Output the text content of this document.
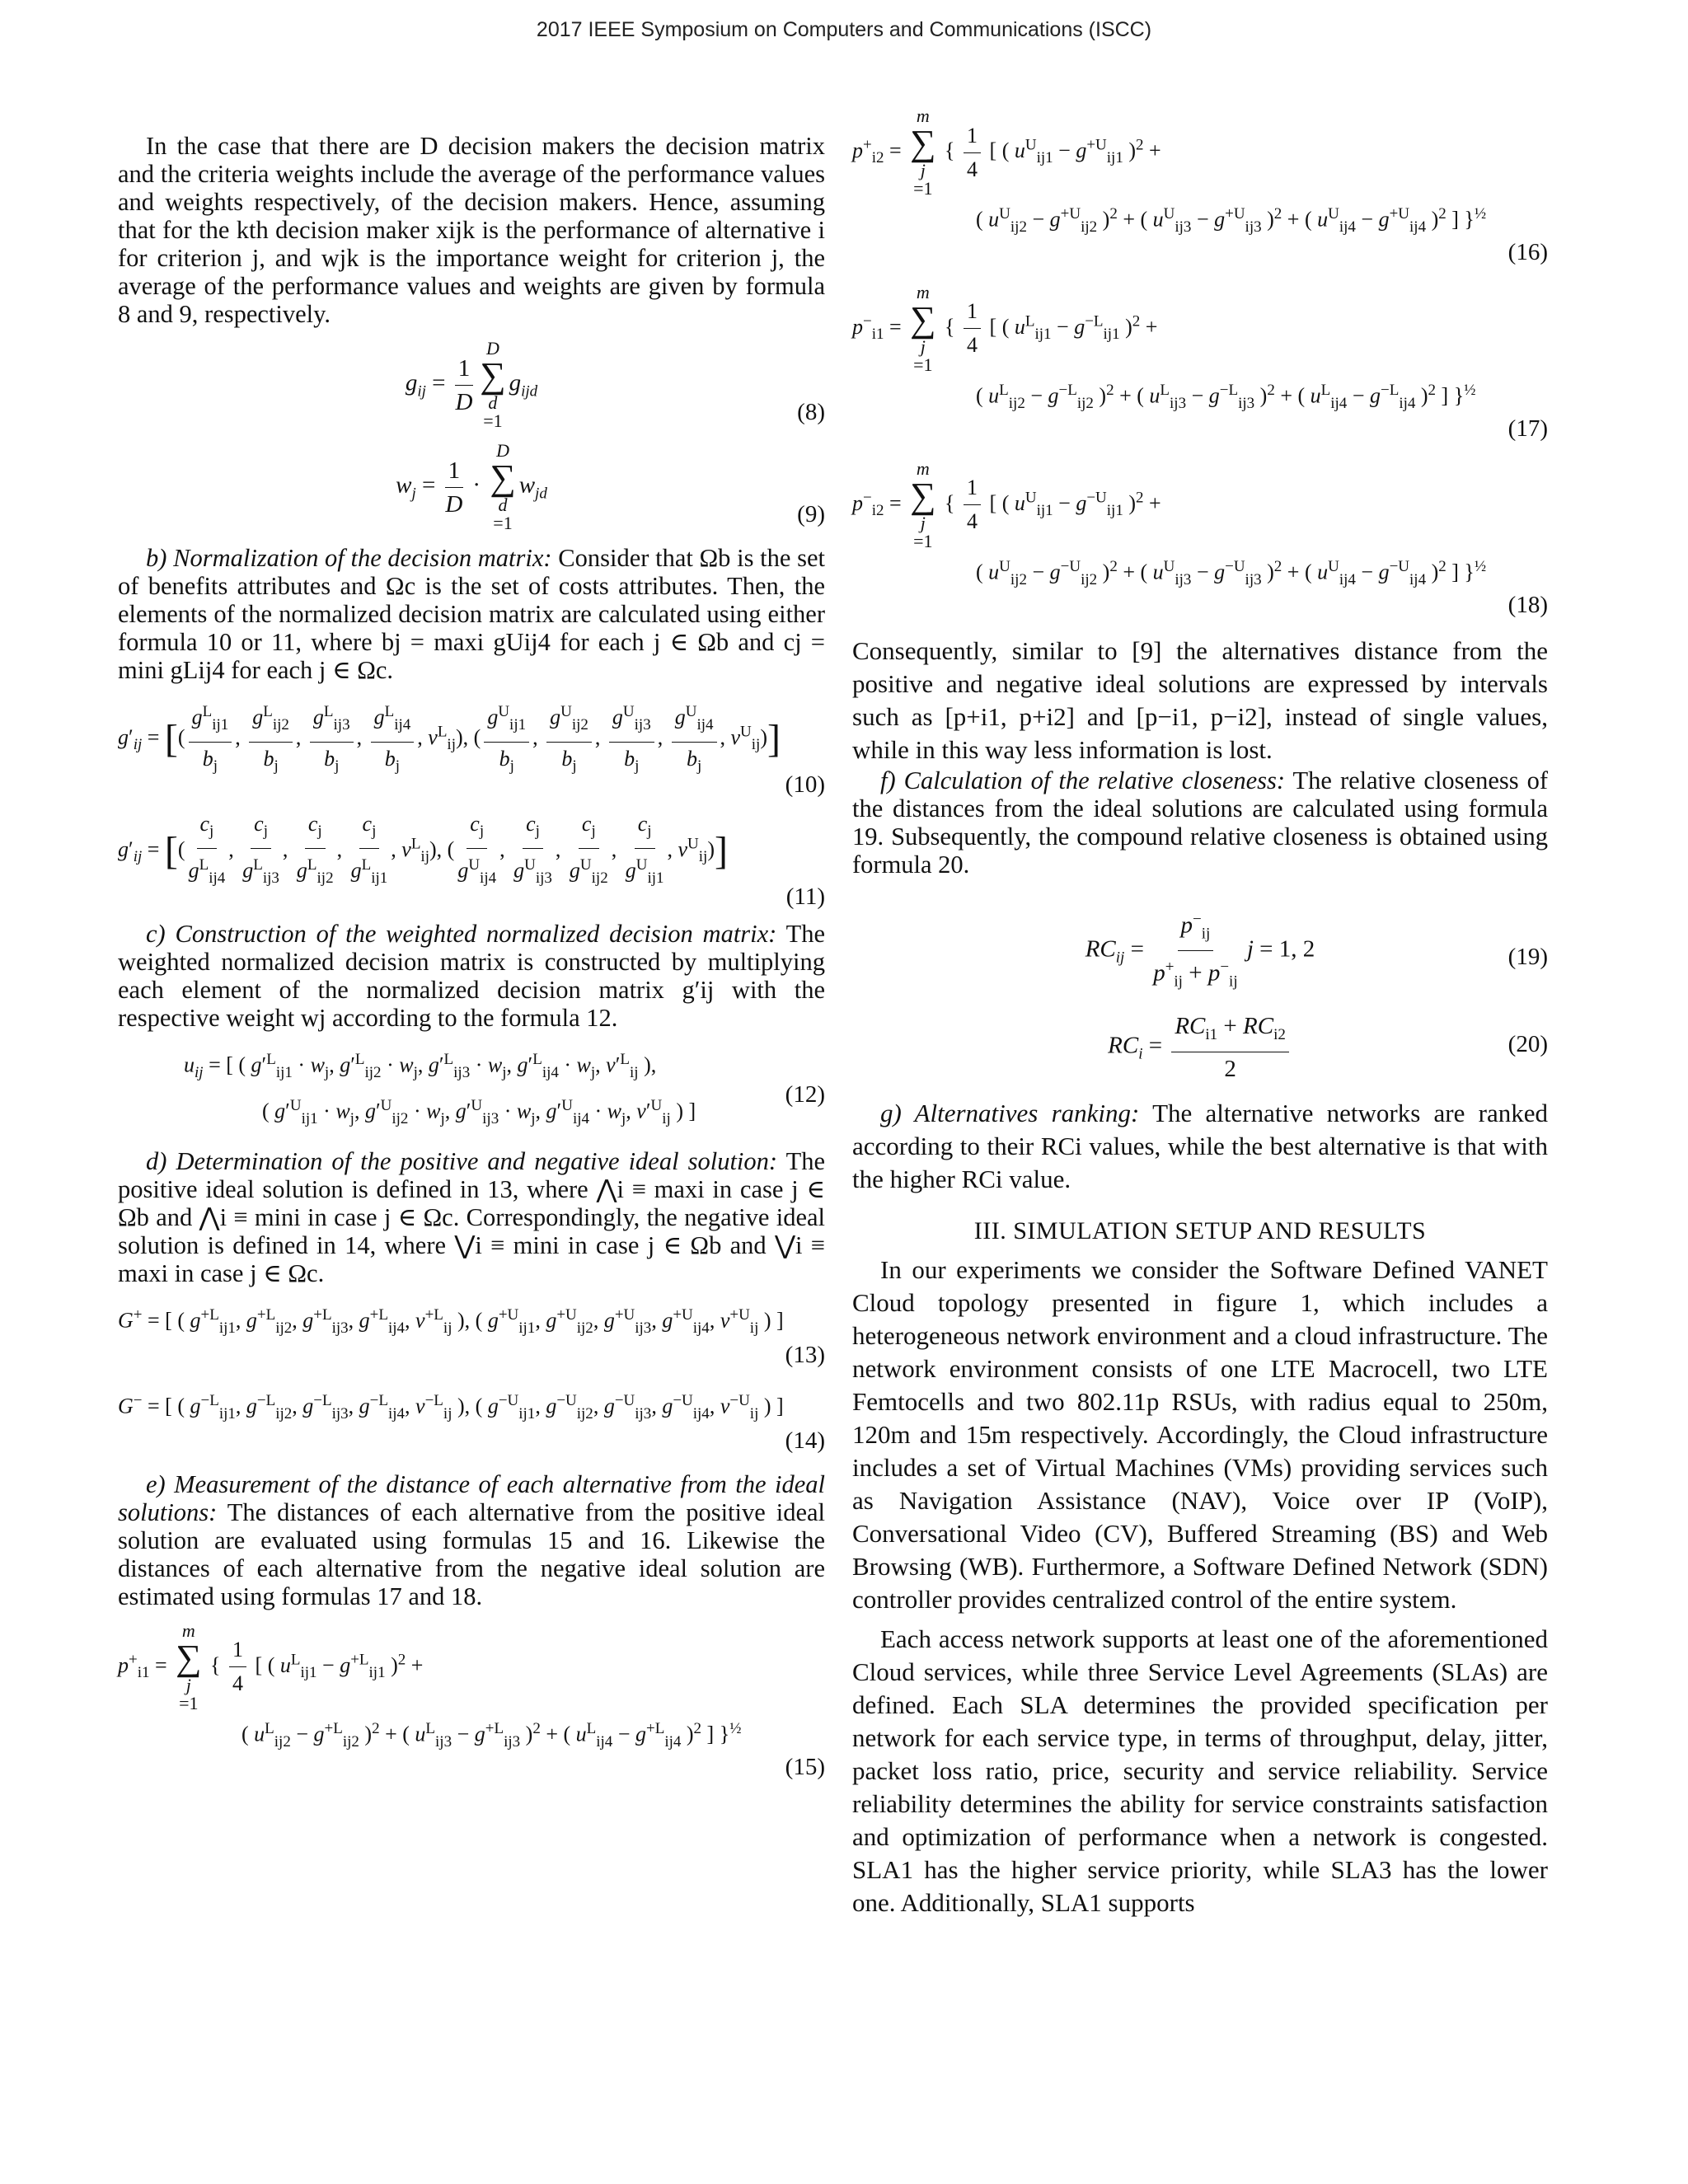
2017 IEEE Symposium on Computers and Communications (ISCC)

In the case that there are D decision makers the decision matrix and the criteria weights include the average of the performance values and weights respectively, of the decision makers. Hence, assuming that for the kth decision maker xijk is the performance of alternative i for criterion j, and wjk is the importance weight for criterion j, the average of the performance values and weights are given by formula 8 and 9, respectively.

$g_{ij} = \frac{1}{D}$
D
∑
d
$=1g_{ijd}$
(8)
$w_j = \frac{1}{D}$ ·
D
∑
d
$=1w_{jd}$
(9)

b) Normalization of the decision matrix: Consider that Ωb is the set of benefits attributes and Ωc is the set of costs attributes. Then, the elements of the normalized decision matrix are calculated using either formula 10 or 11, where bj = maxi gUij4 for each j ∈ Ωb and cj = mini gLij4 for each j ∈ Ωc.

$g'_{ij}$ = [( $\frac{g^L_{ij1}}{b_j}$ , $\frac{g^L_{ij2}}{b_j}$ , $\frac{g^L_{ij3}}{b_j}$ , $\frac{g^L_{ij4}}{b_j}$ , $v^L_{ij}$), ( $\frac{g^U_{ij1}}{b_j}$ , $\frac{g^U_{ij2}}{b_j}$ , $\frac{g^U_{ij3}}{b_j}$ , $\frac{g^U_{ij4}}{b_j}$ , $v^U_{ij}$)]
(10)
$g'_{ij}$ = [( $\frac{c_j}{g^L_{ij4}}$ , $\frac{c_j}{g^L_{ij3}}$ , $\frac{c_j}{g^L_{ij2}}$ , $\frac{c_j}{g^L_{ij1}}$ , $v^L_{ij}$), ( $\frac{c_j}{g^U_{ij4}}$ , $\frac{c_j}{g^U_{ij3}}$ , $\frac{c_j}{g^U_{ij2}}$ , $\frac{c_j}{g^U_{ij1}}$ , $v^U_{ij}$)]
(11)

c) Construction of the weighted normalized decision matrix: The weighted normalized decision matrix is constructed by multiplying each element of the normalized decision matrix g′ij with the respective weight wj according to the formula 12.

$u_{ij}$ = [ ( $g'^L_{ij1} \cdot w_j$, $g'^L_{ij2} \cdot w_j$, $g'^L_{ij3} \cdot w_j$, $g'^L_{ij4} \cdot w_j$, $v'^L_{ij}$ ),
( $g'^U_{ij1} \cdot w_j$, $g'^U_{ij2} \cdot w_j$, $g'^U_{ij3} \cdot w_j$, $g'^U_{ij4} \cdot w_j$, $v'^U_{ij}$ ) ]
(12)

d) Determination of the positive and negative ideal solution: The positive ideal solution is defined in 13, where ⋀i ≡ maxi in case j ∈ Ωb and ⋀i ≡ mini in case j ∈ Ωc. Correspondingly, the negative ideal solution is defined in 14, where ⋁i ≡ mini in case j ∈ Ωb and ⋁i ≡ maxi in case j ∈ Ωc.

G+ = [ ( $g^{+L}_{ij1}$, $g^{+L}_{ij2}$, $g^{+L}_{ij3}$, $g^{+L}_{ij4}$, $v^{+L}_{ij}$ ), ( $g^{+U}_{ij1}$, $g^{+U}_{ij2}$, $g^{+U}_{ij3}$, $g^{+U}_{ij4}$, $v^{+U}_{ij}$ ) ]
(13)
G− = [ ( $g^{-L}_{ij1}$, $g^{-L}_{ij2}$, $g^{-L}_{ij3}$, $g^{-L}_{ij4}$, $v^{-L}_{ij}$ ), ( $g^{-U}_{ij1}$, $g^{-U}_{ij2}$, $g^{-U}_{ij3}$, $g^{-U}_{ij4}$, $v^{-U}_{ij}$ ) ]
(14)

e) Measurement of the distance of each alternative from the ideal solutions: The distances of each alternative from the positive ideal solution are evaluated using formulas 15 and 16. Likewise the distances of each alternative from the negative ideal solution are estimated using formulas 17 and 18.

$p^+_{i1}$ =
m
∑
j
=1 { $\frac{1}{4}$ [ ( $u^L_{ij1} - g^{+L}_{ij1}$ )$^2$ +
( $u^L_{ij2} - g^{+L}_{ij2}$ )$^2$ + ( $u^L_{ij3} - g^{+L}_{ij3}$ )$^2$ + ( $u^L_{ij4} - g^{+L}_{ij4}$ )$^2$ ] }$^{\frac{1}{2}}$
(15)
$p^+_{i2}$ =
m
∑
j
=1 { $\frac{1}{4}$ [ ( $u^U_{ij1} - g^{+U}_{ij1}$ )$^2$ +
( $u^U_{ij2} - g^{+U}_{ij2}$ )$^2$ + ( $u^U_{ij3} - g^{+U}_{ij3}$ )$^2$ + ( $u^U_{ij4} - g^{+U}_{ij4}$ )$^2$ ] }$^{\frac{1}{2}}$
(16)
$p^-_{i1}$ =
m
∑
j
=1 { $\frac{1}{4}$ [ ( $u^L_{ij1} - g^{-L}_{ij1}$ )$^2$ +
( $u^L_{ij2} - g^{-L}_{ij2}$ )$^2$ + ( $u^L_{ij3} - g^{-L}_{ij3}$ )$^2$ + ( $u^L_{ij4} - g^{-L}_{ij4}$ )$^2$ ] }$^{\frac{1}{2}}$
(17)
$p^-_{i2}$ =
m
∑
j
=1 { $\frac{1}{4}$ [ ( $u^U_{ij1} - g^{-U}_{ij1}$ )$^2$ +
( $u^U_{ij2} - g^{-U}_{ij2}$ )$^2$ + ( $u^U_{ij3} - g^{-U}_{ij3}$ )$^2$ + ( $u^U_{ij4} - g^{-U}_{ij4}$ )$^2$ ] }$^{\frac{1}{2}}$
(18)

Consequently, similar to [9] the alternatives distance from the positive and negative ideal solutions are expressed by intervals such as [p+i1, p+i2] and [p−i1, p−i2], instead of single values, while in this way less information is lost.

f) Calculation of the relative closeness: The relative closeness of the distances from the ideal solutions are calculated using formula 19. Subsequently, the compound relative closeness is obtained using formula 20.

$RC_{ij} = \frac{p^-_{ij}}{p^+_{ij} + p^-_{ij}}$ j = 1, 2	(19)
$RC_i = \frac{RC_{i1} + RC_{i2}}{2}$	(20)

g) Alternatives ranking: The alternative networks are ranked according to their RCi values, while the best alternative is that with the higher RCi value.

III. SIMULATION SETUP AND RESULTS

In our experiments we consider the Software Defined VANET Cloud topology presented in figure 1, which includes a heterogeneous network environment and a cloud infrastructure. The network environment consists of one LTE Macrocell, two LTE Femtocells and two 802.11p RSUs, with radius equal to 250m, 120m and 15m respectively. Accordingly, the Cloud infrastructure includes a set of Virtual Machines (VMs) providing services such as Navigation Assistance (NAV), Voice over IP (VoIP), Conversational Video (CV), Buffered Streaming (BS) and Web Browsing (WB). Furthermore, a Software Defined Network (SDN) controller provides centralized control of the entire system.

Each access network supports at least one of the aforementioned Cloud services, while three Service Level Agreements (SLAs) are defined. Each SLA determines the provided specification per network for each service type, in terms of throughput, delay, jitter, packet loss ratio, price, security and service reliability. Service reliability determines the ability for service constraints satisfaction and optimization of performance when a network is congested. SLA1 has the higher service priority, while SLA3 has the lower one. Additionally, SLA1 supports
